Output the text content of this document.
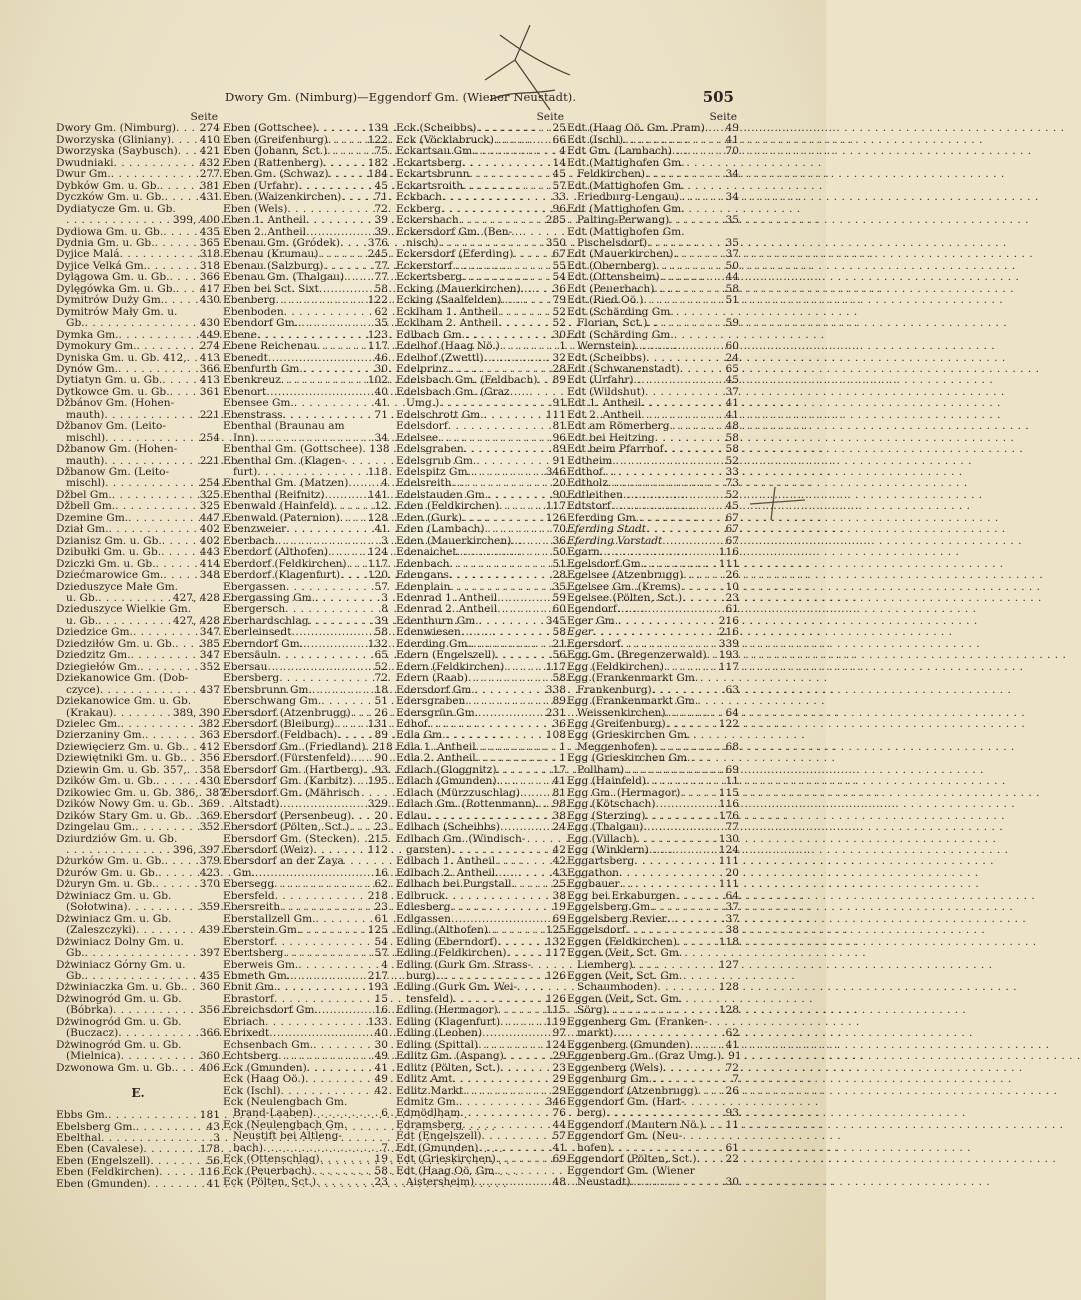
Dwory Gm. (Nimburg)—Eggendorf Gm. (Wiener Neustadt).	505
Seite
Dwory Gm. (Nimburg) . . . 274
Dworzyska (Gliniany) . . .	410
Dworzyska (Saybusch) . . . 421
Dwudniaki . . .	432
Dwur Gm. . . .	277
Dybków Gm. u. Gb. . . .	381
Dyczków Gm. u. Gb. . . .	431
Dydiatycze Gm. u. Gb.
. . .
399, 400
Dydiowa Gm. u. Gb. . . .	435
Dydnia Gm. u. Gb. . . .	365
Dyjice Malá . . .	318
Dyjice Velká Gm. . . .	318
Dylągowa Gm. u. Gb. . . .	366
Dylęgówka Gm. u. Gb. . . . 417
Dymitrów Duży Gm. . . .	430
Dymitrów Mały Gm. u.
Gb. . . .	430
Dymka Gm. . . .	449
Dymokury Gm. . . .	274
Dyniska Gm. u. Gb. 412, . . . 413
Dynów Gm. . . .	366
Dytiatyn Gm. u. Gb. . . .	413
Dytkowce Gm. u. Gb. . . .	361
Džbánov Gm. (Hohen-
mauth) . . .	221
Džbanov Gm. (Leito-
mischl) . . .	254
Džbanow Gm. (Hohen-
mauth) . . .	221
Džbanow Gm. (Leito-
mischl) . . .	254
Džbel Gm. . . .	325
Džbell Gm. . . .	325
Dzemine Gm. . . .	447
Dział Gm. . . .	402
Dzianisz Gm. u. Gb. . . .	402
Dzibułki Gm. u. Gb. . . .	443
Dziczki Gm. u. Gb. . . .	414
Dziećmarowice Gm. . . .	348
Dzieduszyce Małe Gm.
u. Gb. . . .	427, 428
Dzieduszyce Wielkie Gm.
u. Gb. . . .	427, 428
Dziedzice Gm. . . .	347
Dziedziłów Gm. u. Gb. . . . 385
Dziedzitz Gm. . . .	347
Dziegiełów Gm. . . .	352
Dziekanowice Gm. (Dob-
czyce) . . .	437
Dziekanowice Gm. u. Gb.
(Krakau) . . .	389, 390
Dzielec Gm. . . .	382
Dzierzaniny Gm. . . .	363
Dziewięcierz Gm. u. Gb. . . . 412
Dziewiętniki Gm. u. Gb. . . . 356
Dziewin Gm. u. Gb. 357, . . . 358
Dzików Gm. u. Gb. . . .	430
Dzikowiec Gm. u. Gb. 386, . . . 387
Dzików Nowy Gm. u. Gb. . . . 369
Dzików Stary Gm. u. Gb. . . . 369
Dzingelau Gm. . . .	352
Dziurdziów Gm. u. Gb.
. . .
396, 397
Dżurków Gm. u. Gb. . . .	379
Dżurów Gm. u. Gb. . . .	423
Dżuryn Gm. u. Gb. . . .	370
Dżwiniacz Gm. u. Gb.
(Sołotwina) . . .	359
Dżwiniacz Gm. u. Gb.
(Zaleszczyki) . . .	439
Dżwiniacz Dolny Gm. u.
Gb. . . .	397
Dżwiniacz Górny Gm. u.
Gb. . . .	435
Dżwiniaczka Gm. u. Gb. . . . 360
Dżwinogród Gm. u. Gb.
(Bóbrka) . . .	356
Dżwinogród Gm. u. Gb.
(Buczacz) . . .	366
Dżwinogród Gm. u. Gb.
(Mielnica) . . .	360
Dzwonowa Gm. u. Gb. . . . 406
E.
Ebbs Gm. . . .	181
Ebelsberg Gm. . . .	43
Ebelthal . . .	3
Eben (Cavalese) . . .	178
Eben (Engelszell) . . .	56
Eben (Feldkirchen) . . .	116
Eben (Gmunden) . . .	41
Eben (Gottschee) . . .	139
Eben (Greifenburg) . . .	122
Eben (Johann, Sct.) . . .	75
Eben (Rattenberg) . . .	182
Eben Gm. (Schwaz) . . .	184
Eben (Urfahr) . . .	45
Eben (Waizenkirchen) . . .	71
Eben (Wels) . . .	72
Eben 1. Antheil . . .	39
Eben 2. Antheil . . .	39
Ebenau Gm. (Gródek) . . .	376
Ebenau (Krumau) . . .	245
Ebenau (Salzburg) . . .	77
Ebenau Gm. (Thalgau) . . .	77
Eben bei Sct. Sixt . . .	58
Ebenberg . . .	122
Ebenboden . . .	62
Ebendorf Gm. . . .	35
Ebene . . .	123
Ebene Reichenau . . .	117
Ebenedt . . .	46
Ebenfurth Gm. . . .	30
Ebenkreuz . . .	102
Ebenort . . .	40
Ebensee Gm. . . .	41
Ebenstrass . . .	71
Ebenthal (Braunau am
Inn) . . .	34
Ebenthal Gm. (Gottschee) . . . 138
Ebenthal Gm. (Klagen-
furt) . . .	118
Ebenthal Gm. (Matzen) . . .	4
Ebenthal (Reifnitz) . . .	141
Ebenwald (Hainfeld) . . .	12
Ebenwald (Paternion) . . .	128
Ebenzweier . . .	41
Eberbach . . .	3
Eberdorf (Althofen) . . .	124
Eberdorf (Feldkirchen) . . . 117
Eberdorf (Klagenfurt) . . .	120
Ebergassen . . .	57
Ebergassing Gm. . . .	3
Ebergersch . . .	8
Eberhardschlag . . .	39
Eberleinsedt . . .	58
Eberndorf Gm. . . .	132
Ebersäuln . . .	65
Ebersau . . .	52
Ebersberg . . .	72
Ebersbrunn Gm. . . .	18
Eberschwang Gm. . . .	51
Ebersdorf (Atzenbrugg) . . . 26
Ebersdorf (Bleiburg) . . .	131
Ebersdorf (Feldbach) . . .	89
Ebersdorf Gm. (Friedland) . . . 218
Ebersdorf (Fürstenfeld) . . . 90
Ebersdorf Gm. (Hartberg) . . . 93
Ebersdorf Gm. (Karbitz) . . . 195
Ebersdorf Gm. (Mährisch
Altstadt) . . .	329
Ebersdorf (Persenbeug) . . . 20
Ebersdorf (Pölten, Sct.) . . . 23
Ebersdorf Gm. (Stecken) . . . 215
Ebersdorf (Weiz) . . .	112
Ebersdorf an der Zaya
Gm. . . .	16
Ebersegg . . .	62
Ebersfeld . . .	218
Ebersreith . . .	23
Eberstallzell Gm. . . .	61
Eberstein Gm. . . .	125
Eberstorf . . .	54
Ebertsberg . . .	57
Eberweis Gm. . . .	4
Ebmeth Gm. . . .	217
Ebnit Gm. . . .	193
Ebrastorf . . .	15
Ebreichsdorf Gm. . . .	16
Ebriach . . .	133
Ebrixedt . . .	40
Echsenbach Gm. . . .	30
Echtsberg . . .	49
Eck (Gmunden) . . .	41
Eck (Haag Oö.) . . .	49
Eck (Ischl) . . .	42
Eck (Neulengbach Gm.
Brand-Laaben) . . .	6
Eck (Neulengbach Gm.
Neustift bei Altleng-
bach) . . .	7
Eck (Ottenschlag) . . .	19
Eck (Peuerbach) . . .	58
Eck (Pölten, Sct.) . . .	23
Seite
Eck (Scheibbs) . . .	25
Eck (Vöcklabruck) . . .	66
Eckartsau Gm. . . .	4
Eckartsberg . . .	14
Eckartsbrunn . . .	45
Eckartsroith . . .	57
Eckbach . . .	33
Eckberg . . .	96
Eckersbach . . .	285
Eckersdorf Gm. (Ben-
nisch) . . .	350
Eckersdorf (Eferding) . . .	67
Eckerstorf . . .	55
Eckertsberg . . .	54
Ecking (Mauerkirchen) . . .	36
Ecking (Saalfelden) . . .	79
Ecklham 1. Antheil . . .	52
Ecklham 2. Antheil . . .	52
Edlbach Gm. . . .	30
Edelhof (Haag Nö.) . . .	1
Edelhof (Zwettl) . . .	32
Edelprinz . . .	28
Edelsbach Gm. (Feldbach) . . . 89
Edelsbach Gm. (Graz
Umg.) . . .	91
Edelschrott Gm. . . .	111
Edelsdorf . . .	81
Edelsee . . .	96
Edelsgraben . . .	89
Edelsgrub Gm. . . .	91
Edelspitz Gm. . . .	346
Edelsreith . . .	20
Edelstauden Gm. . . .	90
Eden (Feldkirchen) . . .	117
Eden (Gurk) . . .	126
Eden (Lambach) . . .	70
Eden (Mauerkirchen) . . .	36
Edenaichet . . .	50
Edenbach . . .	51
Edengans . . .	28
Edenplain . . .	35
Edenrad 1. Antheil . . .	59
Edenrad 2. Antheil . . .	60
Edenthurn Gm. . . .	345
Edenwiesen . . .	58
Ederding Gm. . . .	21
Edern (Engelszell) . . .	56
Edern (Feldkirchen) . . .	117
Edern (Raab) . . .	58
Edersdorf Gm. . . .	338
Edersgraben . . .	89
Edersgrün Gm. . . .	231
Edhof . . .	36
Edla Gm. . . .	108
Edla 1. Antheil . . .	1
Edla 2. Antheil . . .	1
Edlach (Gloggnitz) . . .	17
Edlach (Gmunden) . . .	41
Edlach (Mürzzuschlag) . . .	81
Edlach Gm. (Rottenmann) . . . 98
Edlau . . .	38
Edlbach (Scheibbs) . . .	24
Edlbach Gm. (Windisch-
garsten) . . .	42
Edlbach 1. Antheil . . .	42
Edlbach 2. Antheil . . .	43
Edlbach bei Purgstall . . .	25
Edlbruck . . .	38
Edlesberg . . .	19
Edlgassen . . .	69
Edling (Althofen) . . .	125
Edling (Eberndorf) . . .	132
Edling (Feldkirchen) . . .	117
Edling (Gurk Gm. Strass-
burg) . . .	126
Edling (Gurk Gm. Wei-
tensfeld) . . .	126
Edling (Hermagor) . . .	115
Edling (Klagenfurt) . . .	119
Edling (Leoben) . . .	97
Edling (Spittal) . . .	124
Edlitz Gm. (Aspang) . . .	29
Edlitz (Pölten, Sct.) . . .	23
Edlitz Amt . . .	29
Edlitz Markt . . .	29
Edmitz Gm. . . .	346
Edmödlham . . .	76
Edramsberg . . .	44
Edt (Engelszell) . . .	57
Edt (Gmunden) . . .	41
Edt (Grieskirchen) . . .	69
Edt (Haag Oö. Gm.
Aistersheim) . . .	48
Seite
Edt (Haag Oö. Gm. Pram) . . . 49
Edt (Ischl) . . .	41
Edt Gm. (Lambach) . . .	70
Edt (Mattighofen Gm.
Feldkirchen) . . .	34
Edt (Mattighofen Gm.
Friedburg-Lengau) . . .	34
Edt (Mattighofen Gm.
Palting-Perwang) . . .	35
Edt (Mattighofen Gm.
Pischelsdorf) . . .	35
Edt (Mauerkirchen) . . .	37
Edt (Obernberg) . . .	50
Edt (Ottensheim) . . .	44
Edt (Peuerbach) . . .	58
Edt (Ried Oö.) . . .	51
Edt (Schärding Gm.
Florian, Sct.) . . .	59
Edt (Schärding Gm.
Wernstein) . . .	60
Edt (Scheibbs) . . .	24
Edt (Schwanenstadt) . . .	65
Edt (Urfahr) . . .	45
Edt (Wildshut) . . .	37
Edt 1. Antheil . . .	41
Edt 2. Antheil . . .	41
Edt am Römerberg . . .	48
Edt bei Heitzing . . .	58
Edt beim Pfarrhof . . .	58
Edtheim . . .	52
Edthof . . .	33
Edtholz . . .	73
Edtleithen . . .	52
Edtstorf . . .	45
Eferding Gm. . . .	67
Eferding Stadt . . .	67
Eferding Vorstadt . . .	67
Egarn . . .	116
Egelsdorf Gm. . . .	111
Egelsee (Atzenbrugg) . . .	26
Egelsee Gm. (Krems) . . .	10
Egelsee (Pölten, Sct.) . . .	23
Egendorf . . .	61
Eger Gm. . . .	216
Eger . . .	216
Egersdorf . . .	339
Egg Gm. (Bregenzerwald) . . . 193
Egg (Feldkirchen) . . .	117
Egg (Frankenmarkt Gm.
Frankenburg) . . .	63
Egg (Frankenmarkt Gm.
Weissenkirchen) . . .	64
Egg (Greifenburg) . . .	122
Egg (Grieskirchen Gm.
Meggenhofen) . . .	68
Egg (Grieskirchen Gm.
Pollham) . . .	69
Egg (Hainfeld) . . .	11
Egg Gm. (Hermagor) . . .	115
Egg (Kötschach) . . .	116
Egg (Sterzing) . . .	176
Egg (Thalgau) . . .	77
Egg (Villach) . . .	130
Egg (Winklern) . . .	124
Eggartsberg . . .	111
Eggathon . . .	20
Eggbauer . . .	111
Egg bei Erkaburgen . . .	64
Eggelsberg Gm. . . .	37
Eggelsberg Revier . . .	37
Eggelsdorf . . .	38
Eggen (Feldkirchen) . . .	118
Eggen (Veit, Sct. Gm.
Liemberg) . . .	127
Eggen (Veit, Sct. Gm.
Schaumboden) . . .	128
Eggen (Veit, Sct. Gm.
Sörg) . . .	128
Eggenberg Gm. (Franken-
markt) . . .	62
Eggenberg (Gmunden) . . .	41
Eggenberg Gm. (Graz Umg.) . . . 91
Eggenberg (Wels) . . .	72
Eggenburg Gm. . . .	7
Eggendorf (Atzenbrugg) . . .	26
Eggendorf Gm. (Hart-
berg) . . .	93
Eggendorf (Mautern Nö.) . . . 11
Eggendorf Gm. (Neu-
hofen) . . .	61
Eggendorf (Pölten, Sct.) . . .	22
Eggendorf Gm. (Wiener
Neustadt) . . .	30
